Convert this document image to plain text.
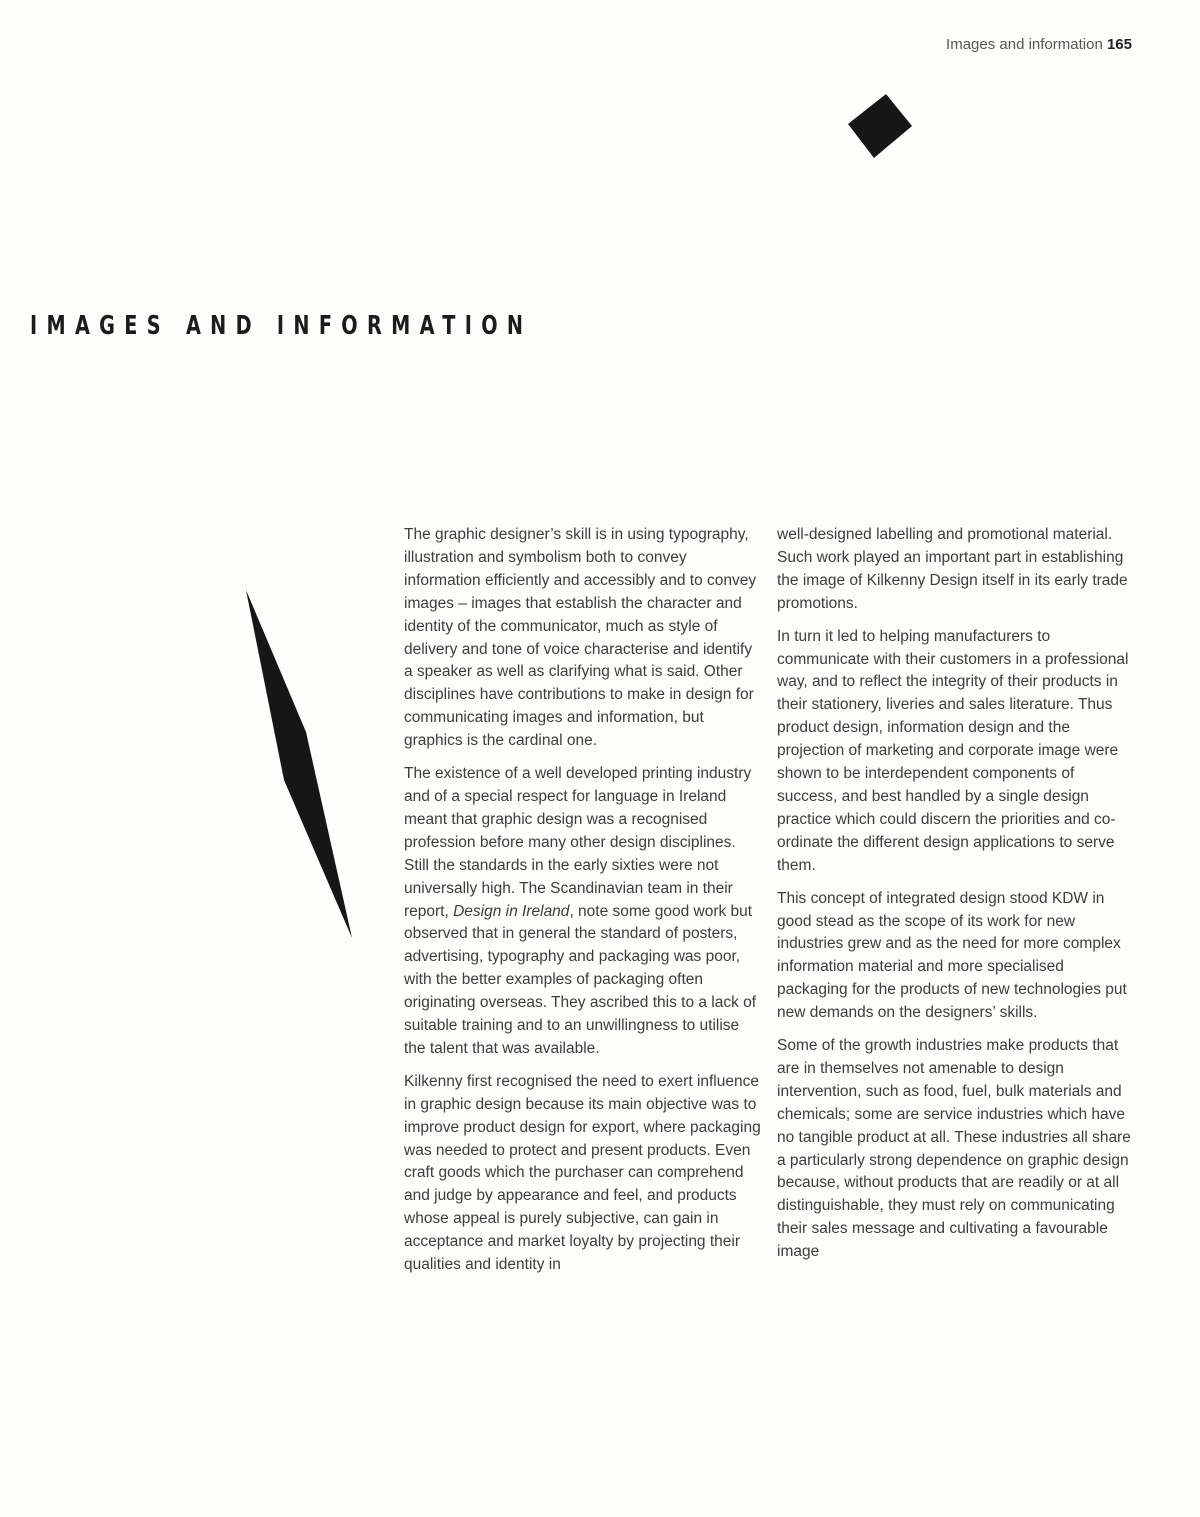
Images and information 165
IMAGES AND INFORMATION

The graphic designer’s skill is in using typography, illustration and symbolism both to convey information efficiently and accessibly and to convey images – images that establish the character and identity of the communicator, much as style of delivery and tone of voice characterise and identify a speaker as well as clarifying what is said. Other disciplines have contributions to make in design for communicating images and information, but graphics is the cardinal one.

The existence of a well developed printing industry and of a special respect for language in Ireland meant that graphic design was a recognised profession before many other design disciplines. Still the standards in the early sixties were not universally high. The Scandinavian team in their report, Design in Ireland, note some good work but observed that in general the standard of posters, advertising, typography and packaging was poor, with the better examples of packaging often originating overseas. They ascribed this to a lack of suitable training and to an unwillingness to utilise the talent that was available.

Kilkenny first recognised the need to exert influence in graphic design because its main objective was to improve product design for export, where packaging was needed to protect and present products. Even craft goods which the purchaser can comprehend and judge by appearance and feel, and products whose appeal is purely subjective, can gain in acceptance and market loyalty by projecting their qualities and identity in

well-designed labelling and promotional material. Such work played an important part in establishing the image of Kilkenny Design itself in its early trade promotions.

In turn it led to helping manufacturers to communicate with their customers in a professional way, and to reflect the integrity of their products in their stationery, liveries and sales literature. Thus product design, information design and the projection of marketing and corporate image were shown to be interdependent components of success, and best handled by a single design practice which could discern the priorities and co-ordinate the different design applications to serve them.

This concept of integrated design stood KDW in good stead as the scope of its work for new industries grew and as the need for more complex information material and more specialised packaging for the products of new technologies put new demands on the designers’ skills.

Some of the growth industries make products that are in themselves not amenable to design intervention, such as food, fuel, bulk materials and chemicals; some are service industries which have no tangible product at all. These industries all share a particularly strong dependence on graphic design because, without products that are readily or at all distinguishable, they must rely on communicating their sales message and cultivating a favourable image
